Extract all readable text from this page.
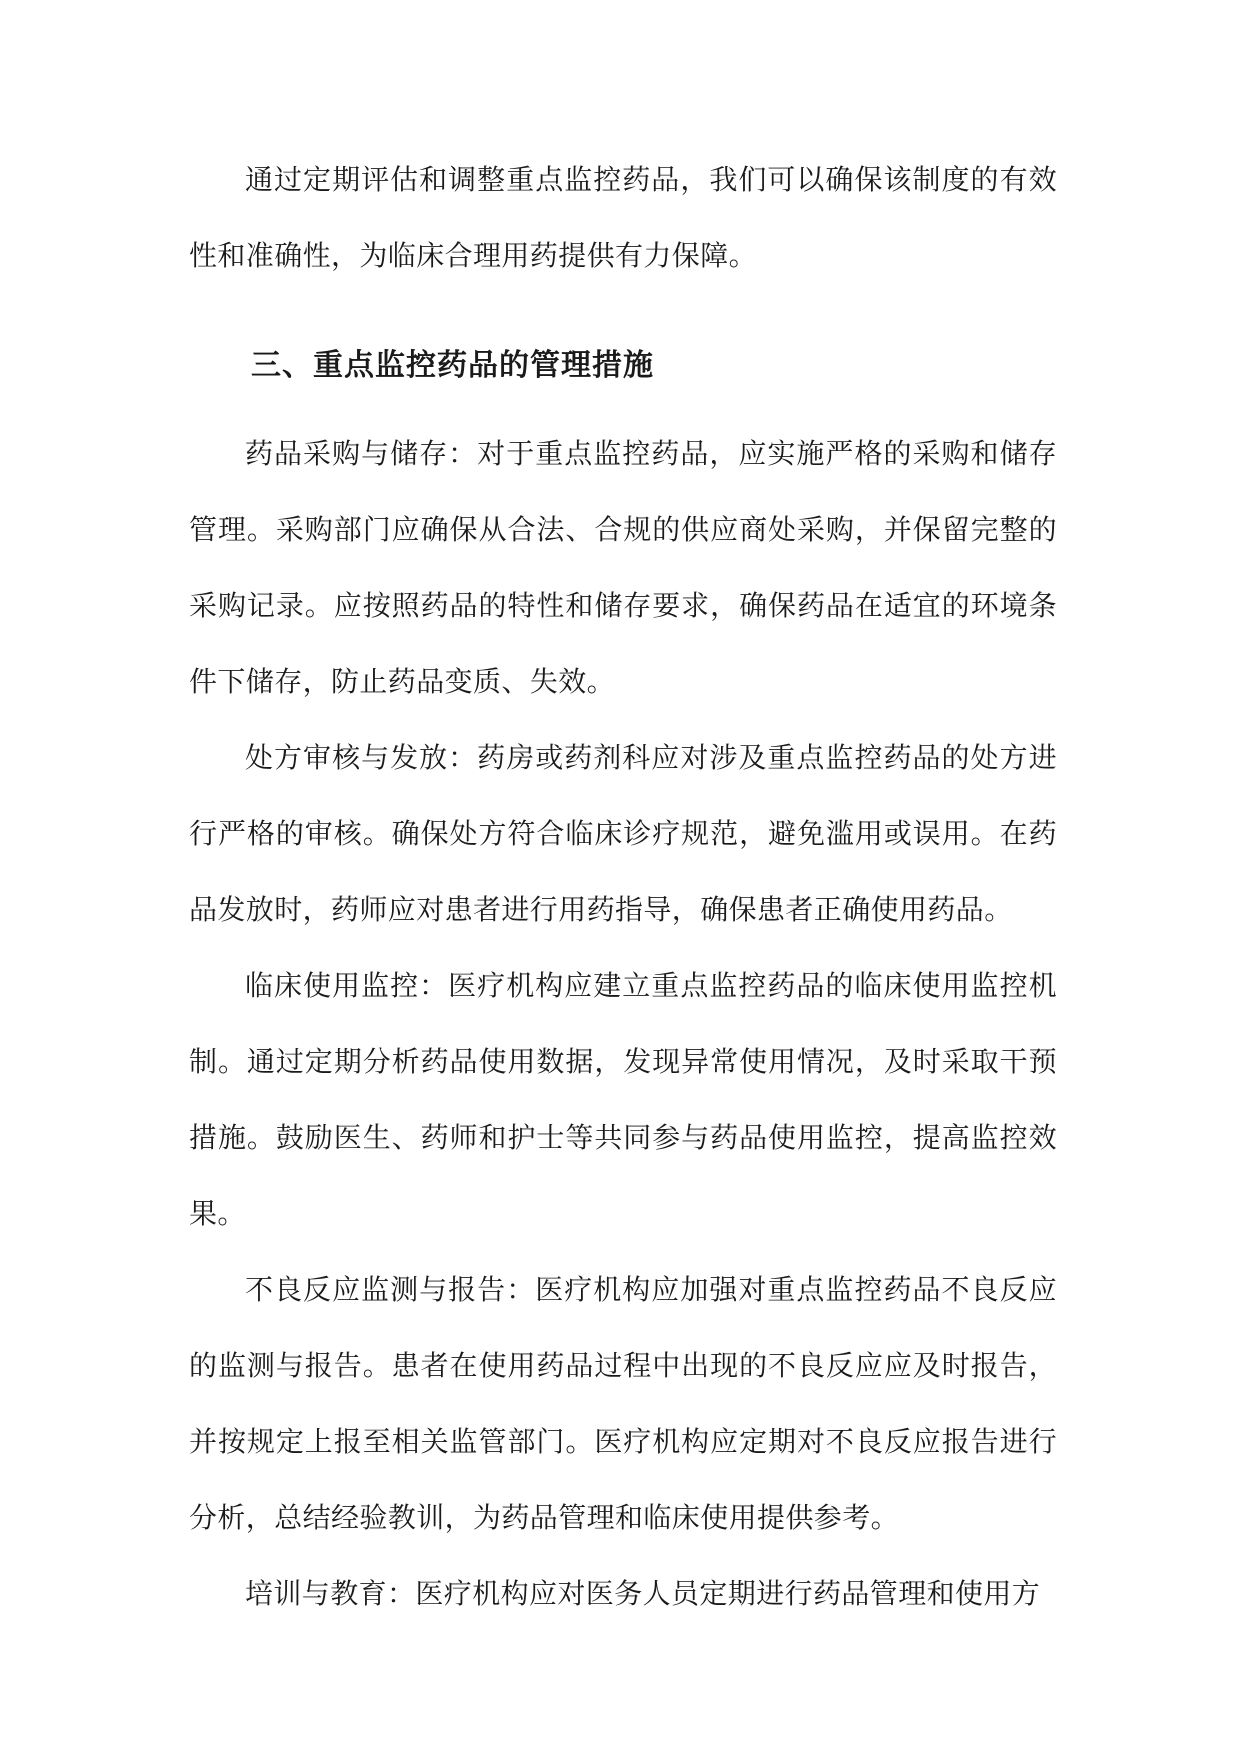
通过定期评估和调整重点监控药品，我们可以确保该制度的有效性和准确性，为临床合理用药提供有力保障。

三、重点监控药品的管理措施

药品采购与储存：对于重点监控药品，应实施严格的采购和储存管理。采购部门应确保从合法、合规的供应商处采购，并保留完整的采购记录。应按照药品的特性和储存要求，确保药品在适宜的环境条件下储存，防止药品变质、失效。

处方审核与发放：药房或药剂科应对涉及重点监控药品的处方进行严格的审核。确保处方符合临床诊疗规范，避免滥用或误用。在药品发放时，药师应对患者进行用药指导，确保患者正确使用药品。

临床使用监控：医疗机构应建立重点监控药品的临床使用监控机制。通过定期分析药品使用数据，发现异常使用情况，及时采取干预措施。鼓励医生、药师和护士等共同参与药品使用监控，提高监控效果。

不良反应监测与报告：医疗机构应加强对重点监控药品不良反应的监测与报告。患者在使用药品过程中出现的不良反应应及时报告，并按规定上报至相关监管部门。医疗机构应定期对不良反应报告进行分析，总结经验教训，为药品管理和临床使用提供参考。

培训与教育：医疗机构应对医务人员定期进行药品管理和使用方
